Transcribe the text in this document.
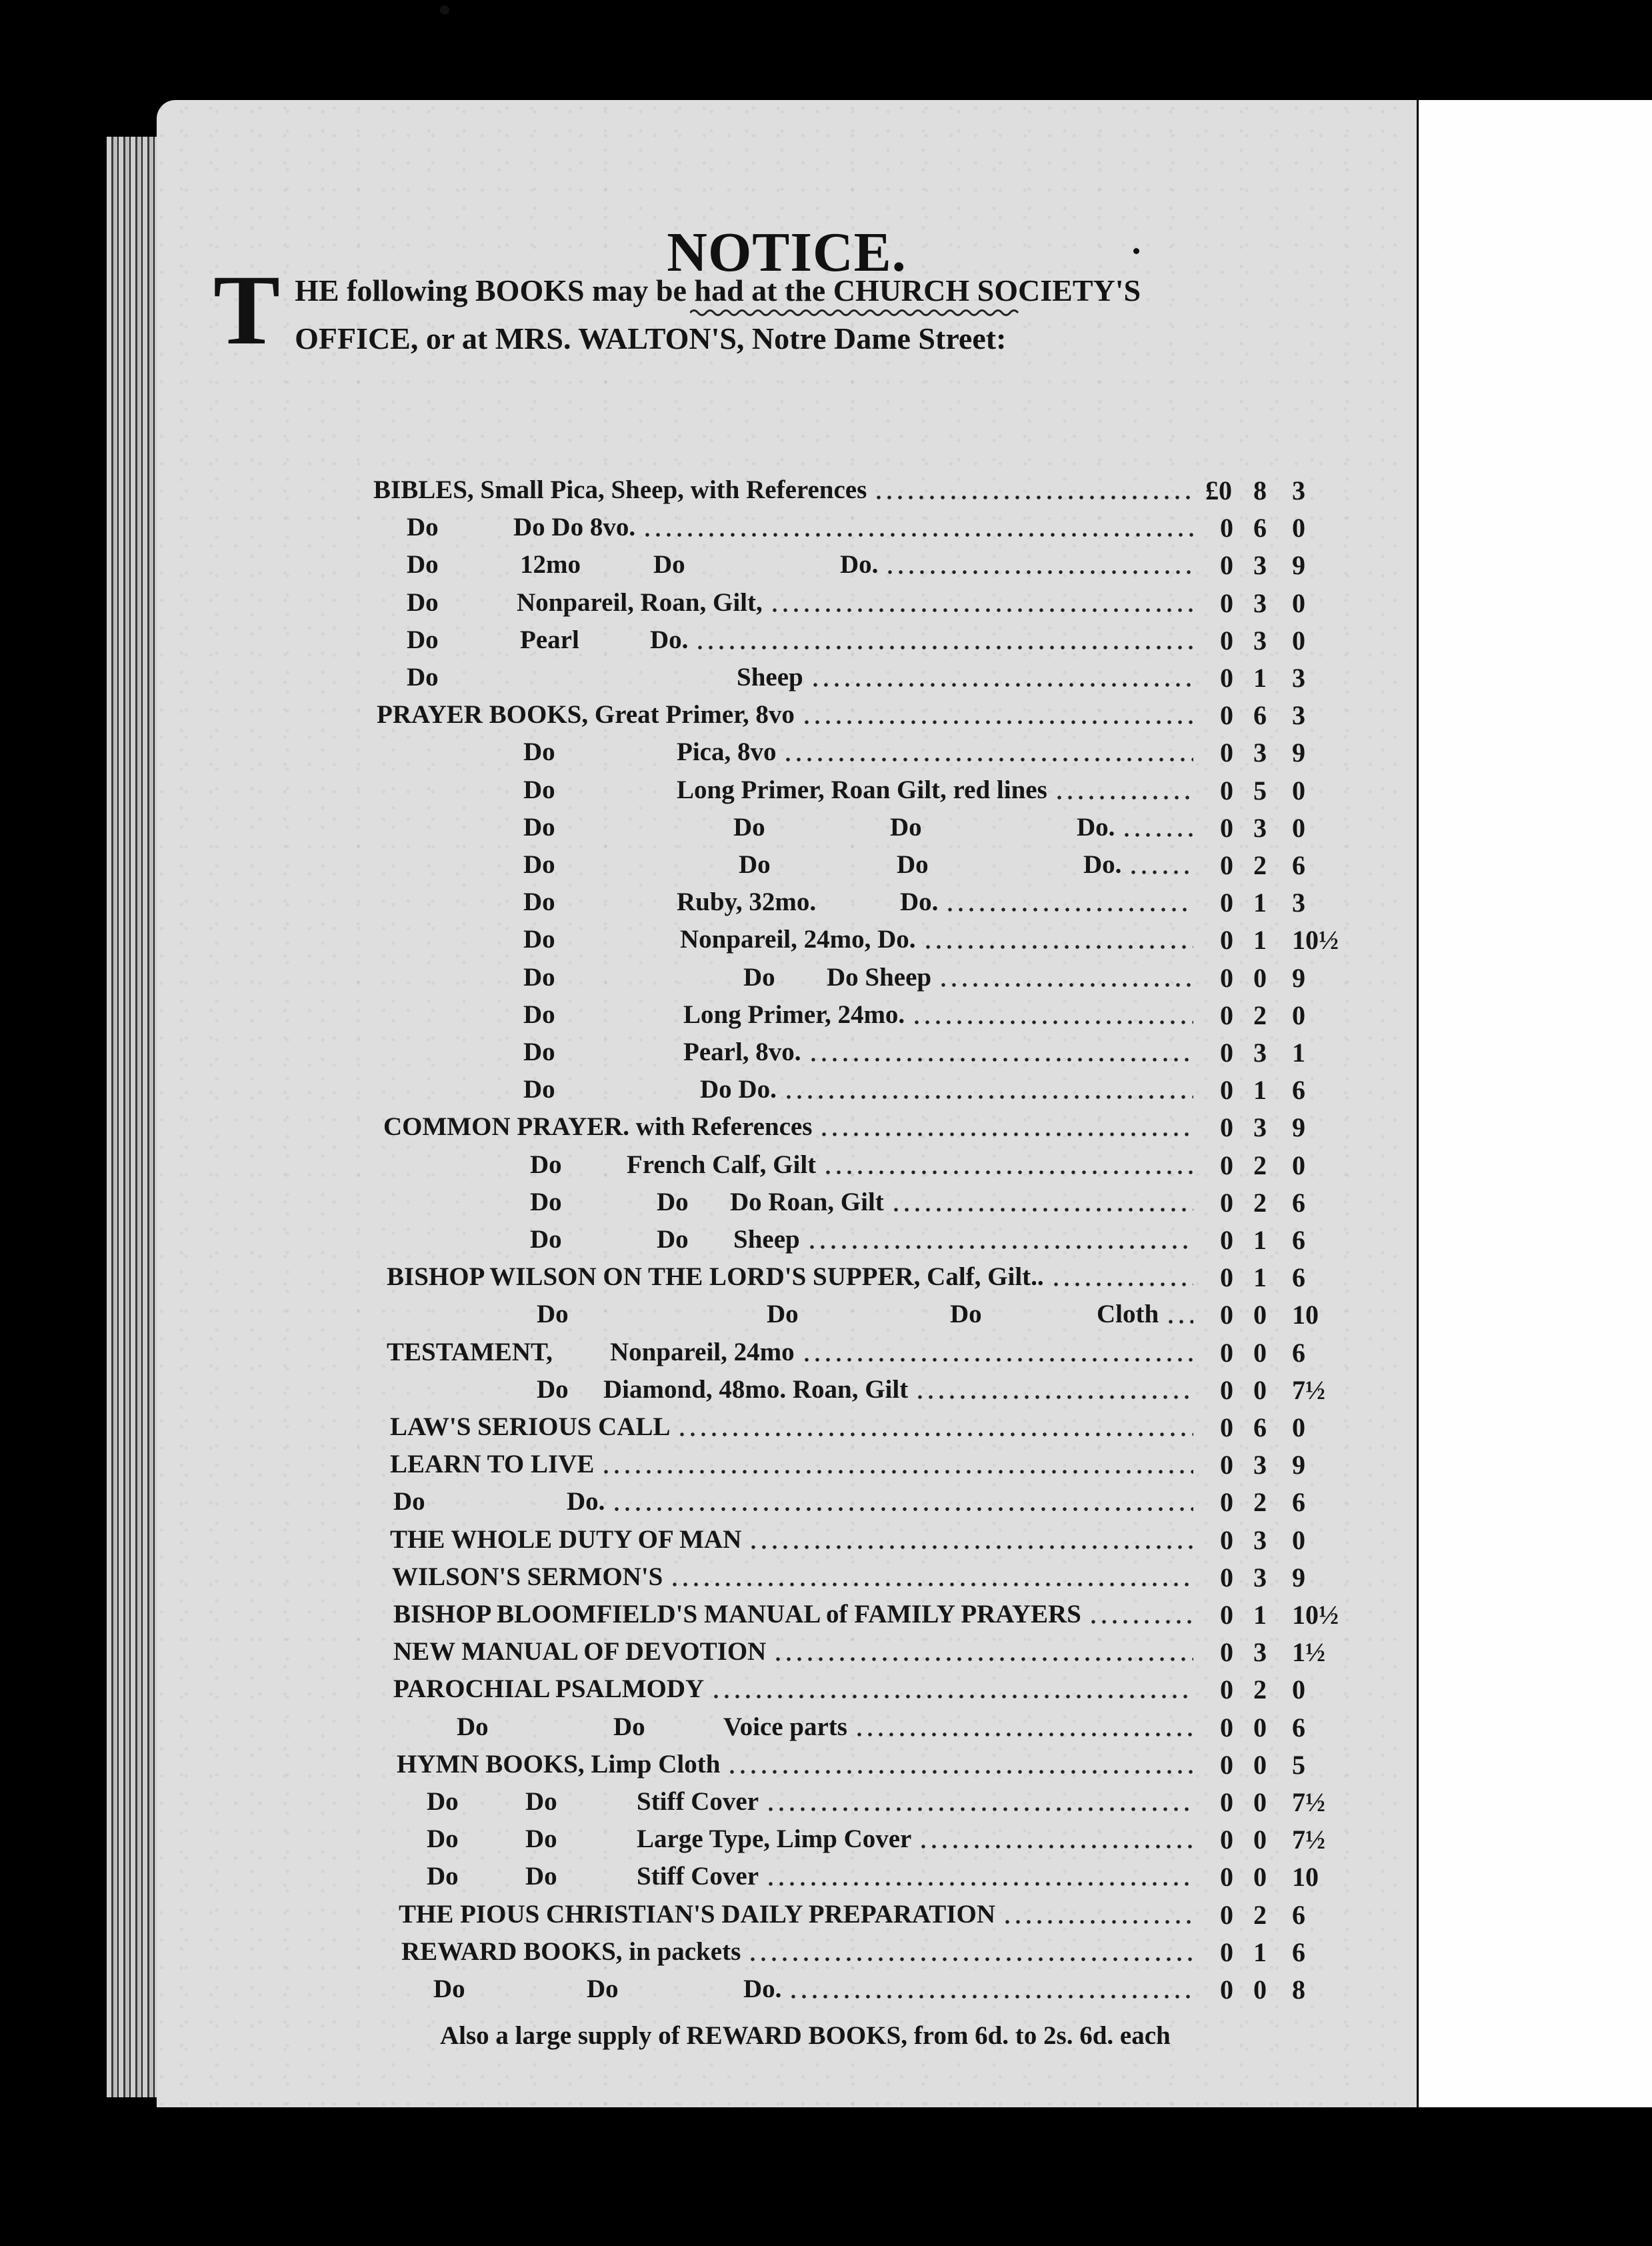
NOTICE.
T HE following BOOKS may be had at the CHURCH SOCIETY'S
OFFICE, or at MRS. WALTON'S, Notre Dame Street:
BIBLES, Small Pica, Sheep, with References	£0 8 3
Do	Do Do 8vo.	0 6 0
Do	12mo	Do	Do.	0 3 9
Do	Nonpareil, Roan, Gilt,	0 3 0
Do	Pearl	Do.	0 3 0
Do	Sheep	0 1 3
PRAYER BOOKS, Great Primer, 8vo	0 6 3
Do	Pica, 8vo	0 3 9
Do	Long Primer, Roan Gilt, red lines	0 5 0
Do	Do	Do	Do.	0 3 0
Do	Do	Do	Do.	0 2 6
Do	Ruby, 32mo.	Do.	0 1 3
Do	Nonpareil, 24mo, Do.	0 1 10½
Do	Do Do Sheep	0 0 9
Do	Long Primer, 24mo.	0 2 0
Do	Pearl, 8vo.	0 3 1
Do	Do Do.	0 1 6
COMMON PRAYER. with References	0 3 9
Do French Calf, Gilt	0 2 0
Do	Do Do Roan, Gilt	0 2 6
Do	Do Sheep	0 1 6
BISHOP WILSON ON THE LORD'S SUPPER, Calf, Gilt..	0 1 6
Do	Do	Do	Cloth 0 0 10
TESTAMENT, Nonpareil, 24mo	0 0 6
Do Diamond, 48mo. Roan, Gilt	0 0 7½
LAW'S SERIOUS CALL	0 6 0
LEARN TO LIVE	0 3 9
Do	Do.	0 2 6
THE WHOLE DUTY OF MAN	0 3 0
WILSON'S SERMON'S	0 3 9
BISHOP BLOOMFIELD'S MANUAL of FAMILY PRAYERS	0 1 10½
NEW MANUAL OF DEVOTION	0 3 1½
PAROCHIAL PSALMODY	0 2 0
Do	Do	Voice parts	0 0 6
HYMN BOOKS, Limp Cloth	0 0 5
Do	Do	Stiff Cover	0 0 7½
Do	Do	Large Type, Limp Cover	0 0 7½
Do	Do	Stiff Cover	0 0 10
THE PIOUS CHRISTIAN'S DAILY PREPARATION	0 2 6
REWARD BOOKS, in packets	0 1 6
Do	Do	Do.	0 0 8
Also a large supply of REWARD BOOKS, from 6d. to 2s. 6d. each
